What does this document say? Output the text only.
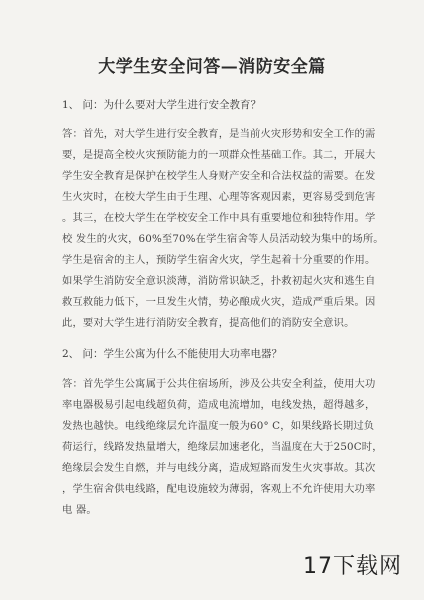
大学生安全问答—消防安全篇
1、 问：为什么要对大学生进行安全教育？
答：首先，对大学生进行安全教育，是当前火灾形势和安全工作的需
要，是提高全校火灾预防能力的一项群众性基础工作。其二，开展大
学生安全教育是保护在校学生人身财产安全和合法权益的需要。在发
生火灾时，在校大学生由于生理、心理等客观因素，更容易受到危害
。其三，在校大学生在学校安全工作中具有重要地位和独特作用。学
校 发生的火灾，60%至70%在学生宿舍等人员活动较为集中的场所。
学生是宿舍的主人，预防学生宿舍火灾，学生起着十分重要的作用。
如果学生消防安全意识淡薄，消防常识缺乏，扑救初起火灾和逃生自
救互救能力低下，一旦发生火情，势必酿成火灾，造成严重后果。因
此，要对大学生进行消防安全教育，提高他们的消防安全意识。
2、 问：学生公寓为什么不能使用大功率电器？
答：首先学生公寓属于公共住宿场所，涉及公共安全利益，使用大功
率电器极易引起电线超负荷，造成电流增加，电线发热，超得越多，
发热也越快。电线绝缘层允许温度一般为60° C，如果线路长期过负
荷运行，线路发热量增大，绝缘层加速老化，当温度在大于250C时，
绝缘层会发生自燃，并与电线分离，造成短路而发生火灾事故。其次
，学生宿舍供电线路，配电设施较为薄弱，客观上不允许使用大功率
电 器。
17下载网
